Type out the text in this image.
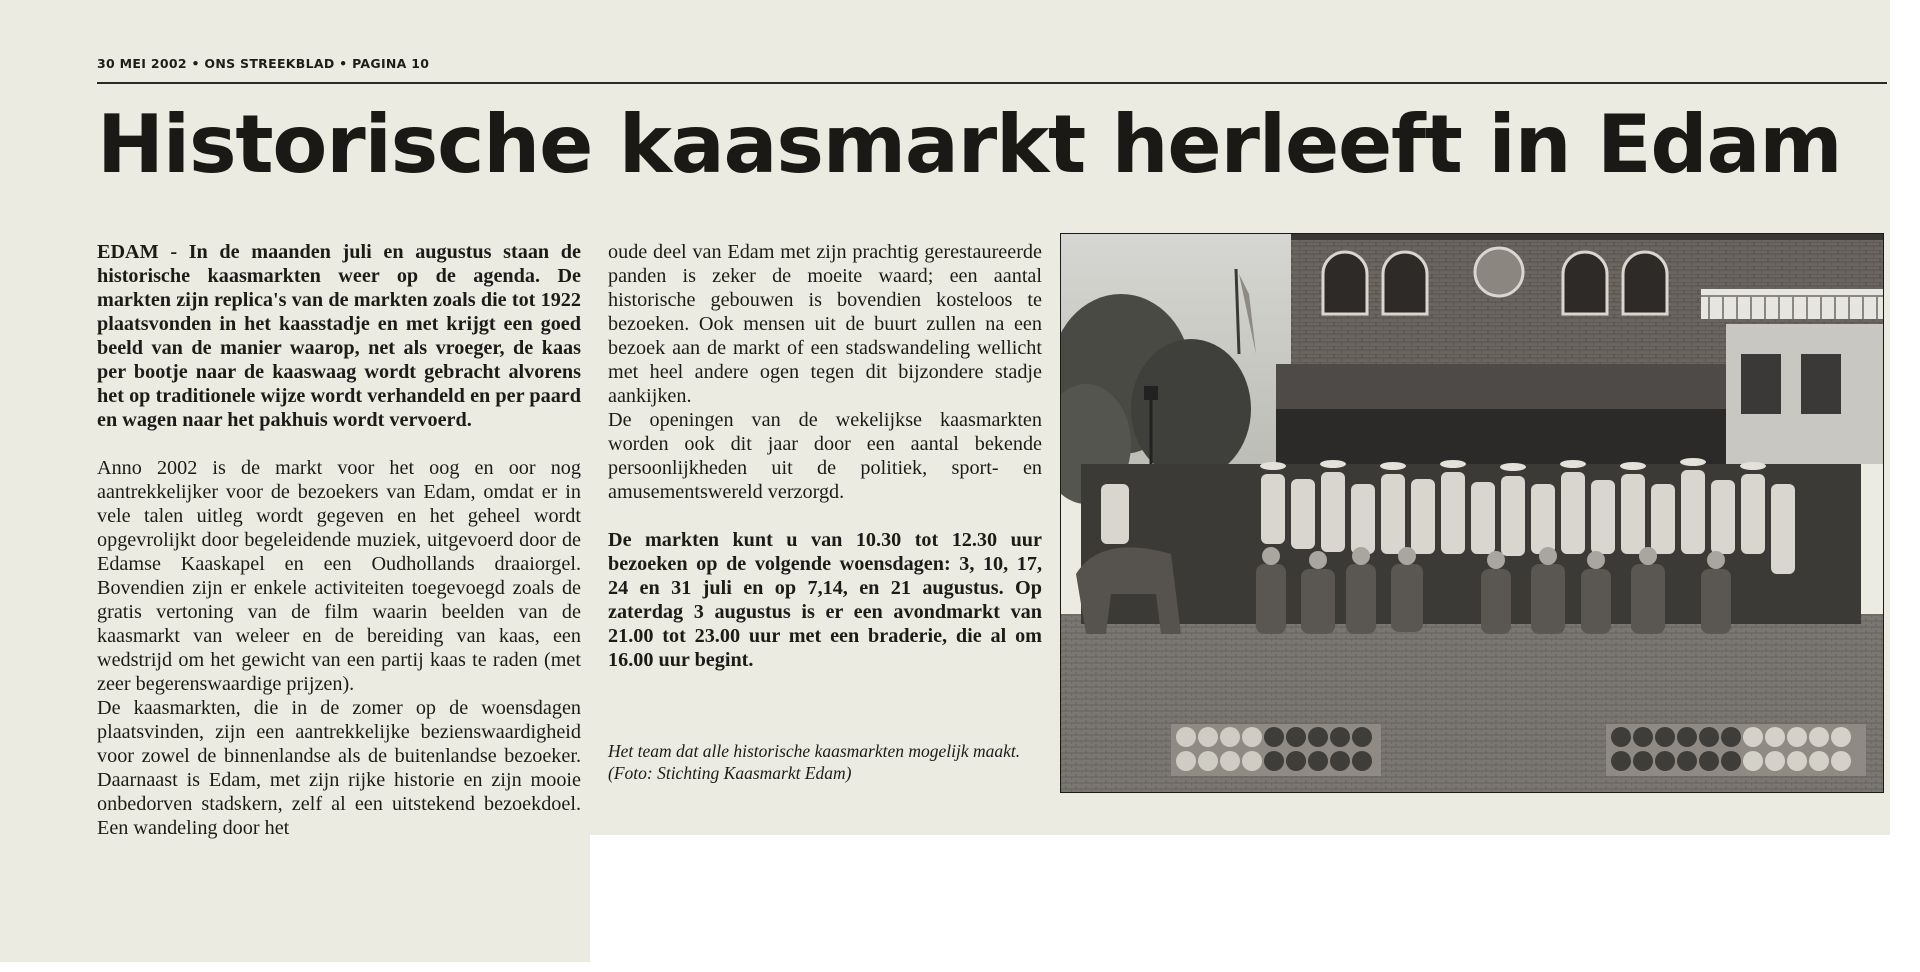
30 MEI 2002 • ONS STREEKBLAD • PAGINA 10
Historische kaasmarkt herleeft in Edam

EDAM - In de maanden juli en augustus staan de historische kaasmarkten weer op de agenda. De markten zijn replica's van de markten zoals die tot 1922 plaatsvonden in het kaasstadje en met krijgt een goed beeld van de manier waarop, net als vroeger, de kaas per bootje naar de kaaswaag wordt gebracht alvorens het op traditionele wijze wordt verhandeld en per paard en wagen naar het pakhuis wordt vervoerd.

Anno 2002 is de markt voor het oog en oor nog aantrekkelijker voor de bezoekers van Edam, omdat er in vele talen uitleg wordt gegeven en het geheel wordt opgevrolijkt door begeleidende muziek, uitgevoerd door de Edamse Kaaskapel en een Oudhollands draaiorgel. Bovendien zijn er enkele activiteiten toegevoegd zoals de gratis vertoning van de film waarin beelden van de kaasmarkt van weleer en de bereiding van kaas, een wedstrijd om het gewicht van een partij kaas te raden (met zeer begerenswaardige prijzen).

De kaasmarkten, die in de zomer op de woensdagen plaatsvinden, zijn een aantrekkelijke bezienswaardigheid voor zowel de binnenlandse als de buitenlandse bezoeker. Daarnaast is Edam, met zijn rijke historie en zijn mooie onbedorven stadskern, zelf al een uitstekend bezoekdoel. Een wandeling door het

oude deel van Edam met zijn prachtig gerestaureerde panden is zeker de moeite waard; een aantal historische gebouwen is bovendien kosteloos te bezoeken. Ook mensen uit de buurt zullen na een bezoek aan de markt of een stadswandeling wellicht met heel andere ogen tegen dit bijzondere stadje aankijken.

De openingen van de wekelijkse kaasmarkten worden ook dit jaar door een aantal bekende persoonlijkheden uit de politiek, sport- en amusementswereld verzorgd.

De markten kunt u van 10.30 tot 12.30 uur bezoeken op de volgende woensdagen: 3, 10, 17, 24 en 31 juli en op 7,14, en 21 augustus. Op zaterdag 3 augustus is er een avondmarkt van 21.00 tot 23.00 uur met een braderie, die al om 16.00 uur begint.

Het team dat alle historische kaasmarkten mogelijk maakt. (Foto: Stichting Kaasmarkt Edam)
